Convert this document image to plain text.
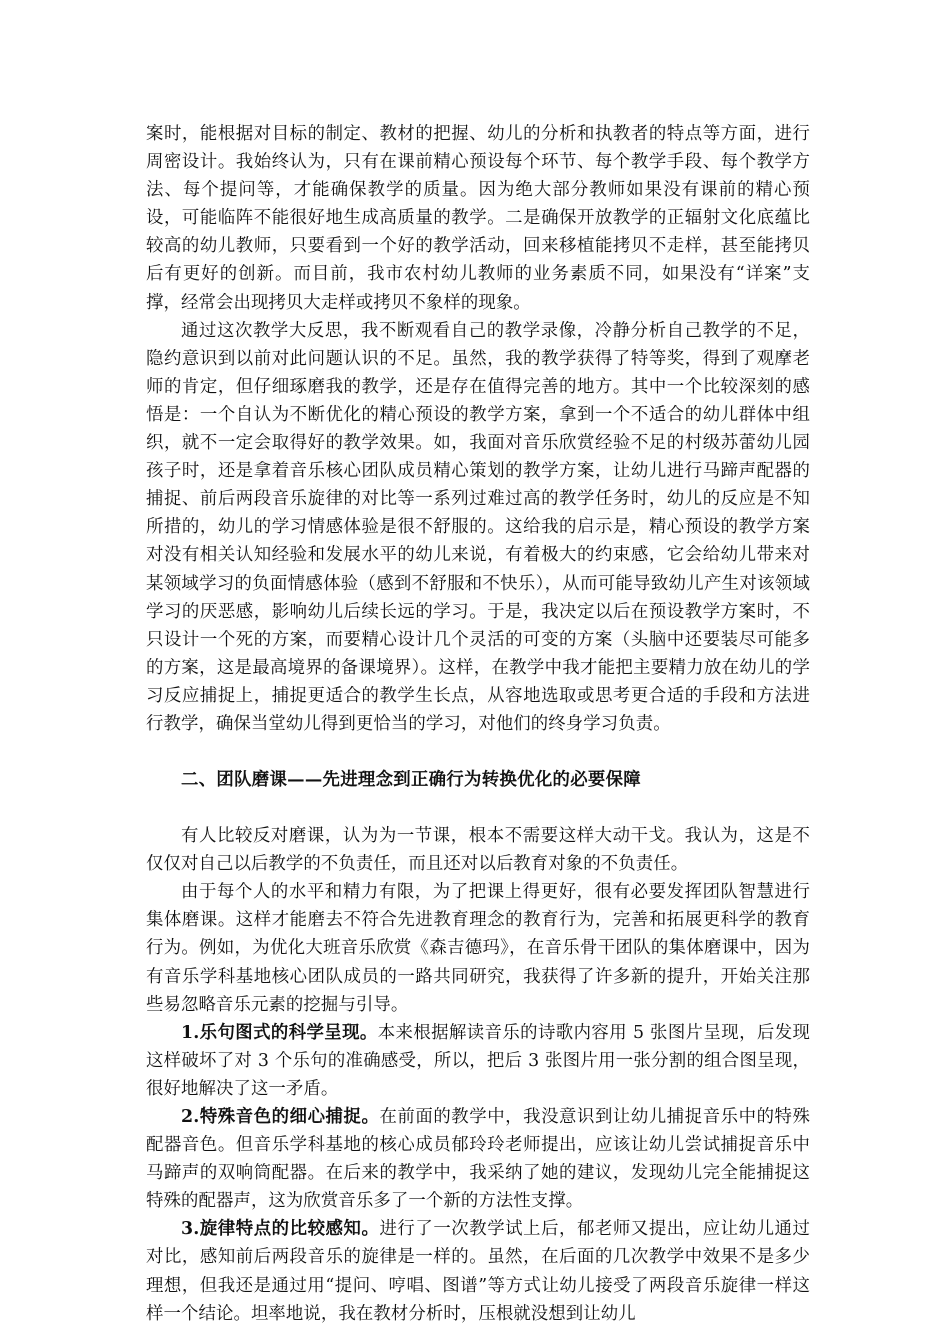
案时，能根据对目标的制定、教材的把握、幼儿的分析和执教者的特点等方面，进行周密设计。我始终认为，只有在课前精心预设每个环节、每个教学手段、每个教学方法、每个提问等，才能确保教学的质量。因为绝大部分教师如果没有课前的精心预设，可能临阵不能很好地生成高质量的教学。二是确保开放教学的正辐射文化底蕴比较高的幼儿教师，只要看到一个好的教学活动，回来移植能拷贝不走样，甚至能拷贝后有更好的创新。而目前，我市农村幼儿教师的业务素质不同，如果没有“详案”支撑，经常会出现拷贝大走样或拷贝不象样的现象。

通过这次教学大反思，我不断观看自己的教学录像，冷静分析自己教学的不足，隐约意识到以前对此问题认识的不足。虽然，我的教学获得了特等奖，得到了观摩老师的肯定，但仔细琢磨我的教学，还是存在值得完善的地方。其中一个比较深刻的感悟是：一个自认为不断优化的精心预设的教学方案，拿到一个不适合的幼儿群体中组织，就不一定会取得好的教学效果。如，我面对音乐欣赏经验不足的村级苏蕾幼儿园孩子时，还是拿着音乐核心团队成员精心策划的教学方案，让幼儿进行马蹄声配器的捕捉、前后两段音乐旋律的对比等一系列过难过高的教学任务时，幼儿的反应是不知所措的，幼儿的学习情感体验是很不舒服的。这给我的启示是，精心预设的教学方案对没有相关认知经验和发展水平的幼儿来说，有着极大的约束感，它会给幼儿带来对某领域学习的负面情感体验（感到不舒服和不快乐），从而可能导致幼儿产生对该领域学习的厌恶感，影响幼儿后续长远的学习。于是，我决定以后在预设教学方案时，不只设计一个死的方案，而要精心设计几个灵活的可变的方案（头脑中还要装尽可能多的方案，这是最高境界的备课境界）。这样，在教学中我才能把主要精力放在幼儿的学习反应捕捉上，捕捉更适合的教学生长点，从容地选取或思考更合适的手段和方法进行教学，确保当堂幼儿得到更恰当的学习，对他们的终身学习负责。

二、团队磨课——先进理念到正确行为转换优化的必要保障

有人比较反对磨课，认为为一节课，根本不需要这样大动干戈。我认为，这是不仅仅对自己以后教学的不负责任，而且还对以后教育对象的不负责任。

由于每个人的水平和精力有限，为了把课上得更好，很有必要发挥团队智慧进行集体磨课。这样才能磨去不符合先进教育理念的教育行为，完善和拓展更科学的教育行为。例如，为优化大班音乐欣赏《森吉德玛》，在音乐骨干团队的集体磨课中，因为有音乐学科基地核心团队成员的一路共同研究，我获得了许多新的提升，开始关注那些易忽略音乐元素的挖掘与引导。

1.乐句图式的科学呈现。本来根据解读音乐的诗歌内容用 5 张图片呈现，后发现这样破坏了对 3 个乐句的准确感受，所以，把后 3 张图片用一张分割的组合图呈现，很好地解决了这一矛盾。

2.特殊音色的细心捕捉。在前面的教学中，我没意识到让幼儿捕捉音乐中的特殊配器音色。但音乐学科基地的核心成员郁玲玲老师提出，应该让幼儿尝试捕捉音乐中马蹄声的双响筒配器。在后来的教学中，我采纳了她的建议，发现幼儿完全能捕捉这特殊的配器声，这为欣赏音乐多了一个新的方法性支撑。

3.旋律特点的比较感知。进行了一次教学试上后，郁老师又提出，应让幼儿通过对比，感知前后两段音乐的旋律是一样的。虽然，在后面的几次教学中效果不是多少理想，但我还是通过用“提问、哼唱、图谱”等方式让幼儿接受了两段音乐旋律一样这样一个结论。坦率地说，我在教材分析时，压根就没想到让幼儿
